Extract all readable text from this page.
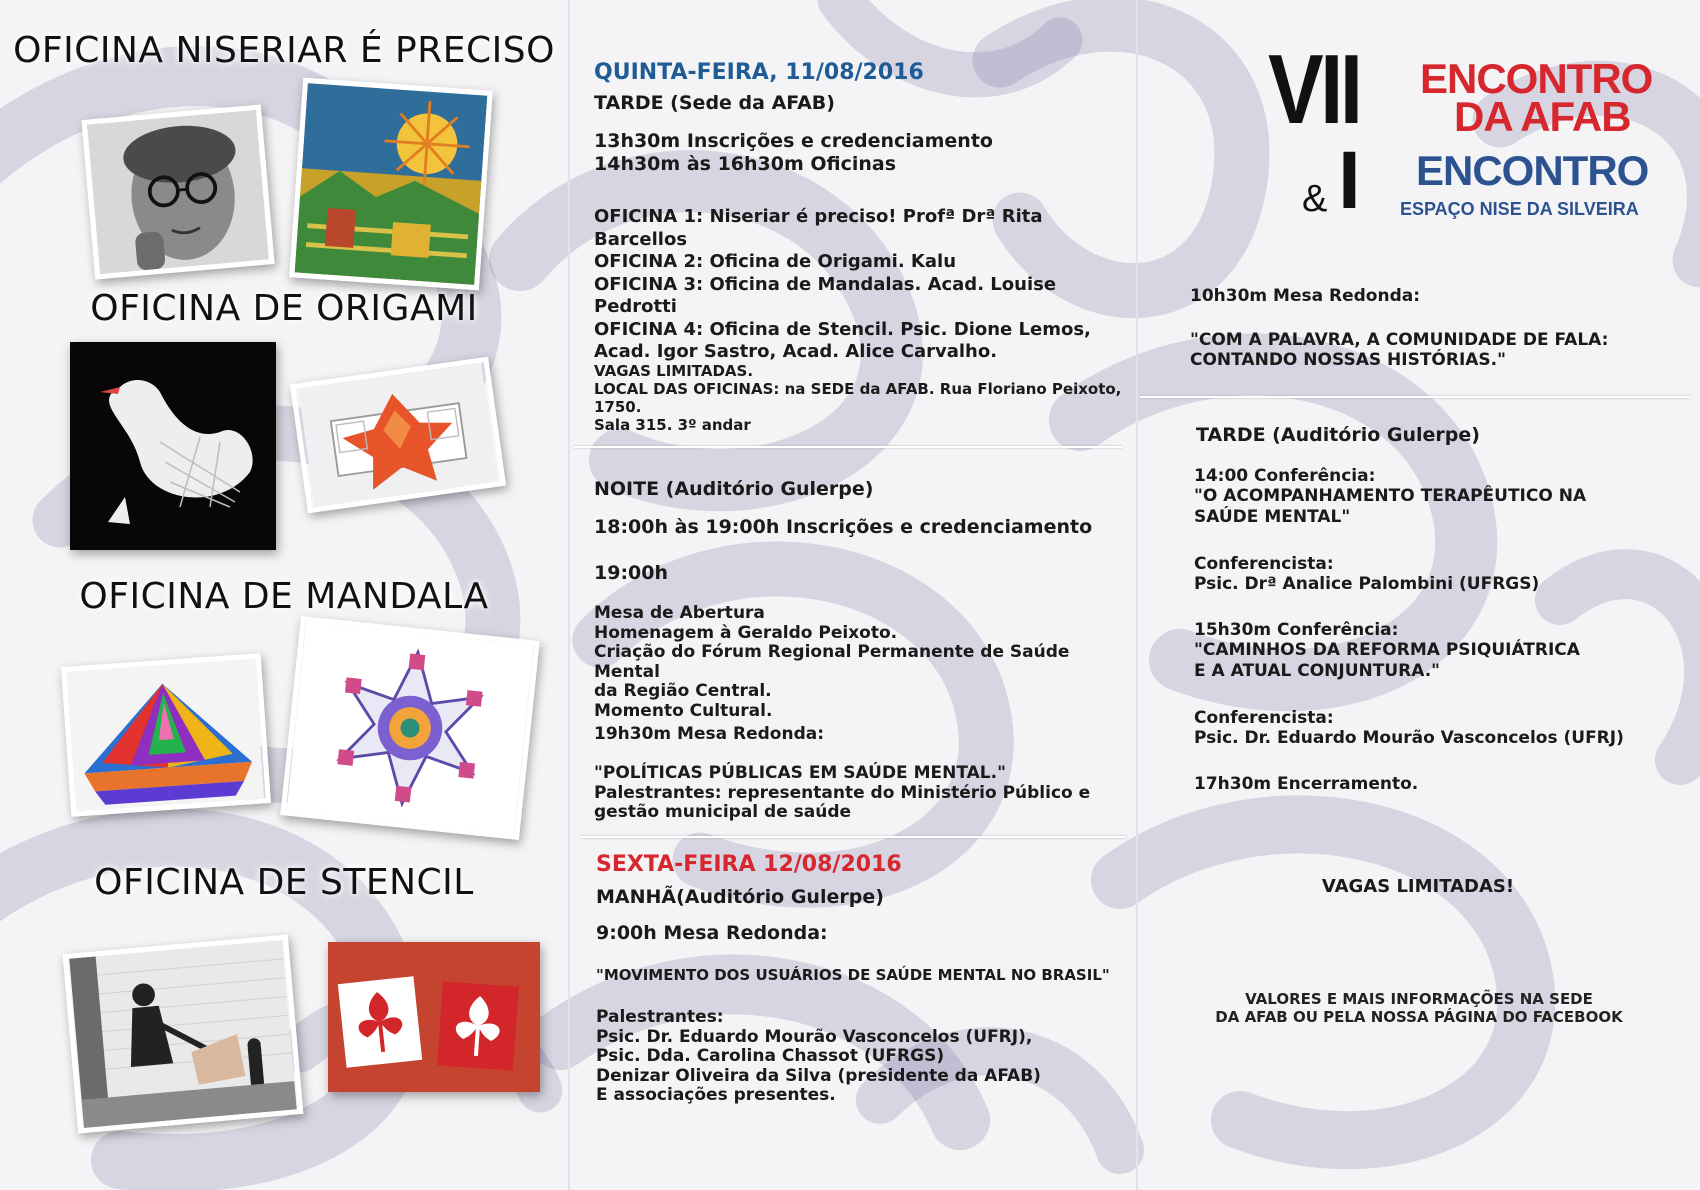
OFICINA NISERIAR É PRECISO
OFICINA DE ORIGAMI
OFICINA DE MANDALA
OFICINA DE STENCIL
QUINTA-FEIRA, 11/08/2016
TARDE (Sede da AFAB)

13h30m Inscrições e credenciamento
14h30m às 16h30m Oficinas

OFICINA 1: Niseriar é preciso! Profª Drª Rita Barcellos
OFICINA 2: Oficina de Origami. Kalu
OFICINA 3: Oficina de Mandalas. Acad. Louise Pedrotti
OFICINA 4: Oficina de Stencil. Psic. Dione Lemos,
Acad. Igor Sastro, Acad. Alice Carvalho.

VAGAS LIMITADAS.
LOCAL DAS OFICINAS: na SEDE da AFAB. Rua Floriano Peixoto, 1750.
Sala 315. 3º andar

NOITE (Auditório Gulerpe)
18:00h às 19:00h Inscrições e credenciamento
19:00h

Mesa de Abertura
Homenagem à Geraldo Peixoto.
Criação do Fórum Regional Permanente de Saúde Mental
da Região Central.
Momento Cultural.

19h30m Mesa Redonda:

"POLÍTICAS PÚBLICAS EM SAÚDE MENTAL."
Palestrantes: representante do Ministério Público e
gestão municipal de saúde

SEXTA-FEIRA 12/08/2016
MANHÃ(Auditório Gulerpe)
9:00h Mesa Redonda:
"MOVIMENTO DOS USUÁRIOS DE SAÚDE MENTAL NO BRASIL"

Palestrantes:
Psic. Dr. Eduardo Mourão Vasconcelos (UFRJ),
Psic. Dda. Carolina Chassot (UFRGS)
Denizar Oliveira da Silva (presidente da AFAB)
E associações presentes.

VII ENCONTRO
DA AFAB
& I ENCONTRO
ESPAÇO NISE DA SILVEIRA
10h30m Mesa Redonda:

"COM A PALAVRA, A COMUNIDADE DE FALA:
CONTANDO NOSSAS HISTÓRIAS."

TARDE (Auditório Gulerpe)

14:00 Conferência:
"O ACOMPANHAMENTO TERAPÊUTICO NA
SAÚDE MENTAL"

Conferencista:
Psic. Drª Analice Palombini (UFRGS)

15h30m Conferência:
"CAMINHOS DA REFORMA PSIQUIÁTRICA
E A ATUAL CONJUNTURA."

Conferencista:
Psic. Dr. Eduardo Mourão Vasconcelos (UFRJ)

17h30m Encerramento.
VAGAS LIMITADAS!

VALORES E MAIS INFORMAÇÕES NA SEDE
DA AFAB OU PELA NOSSA PÁGINA DO FACEBOOK
